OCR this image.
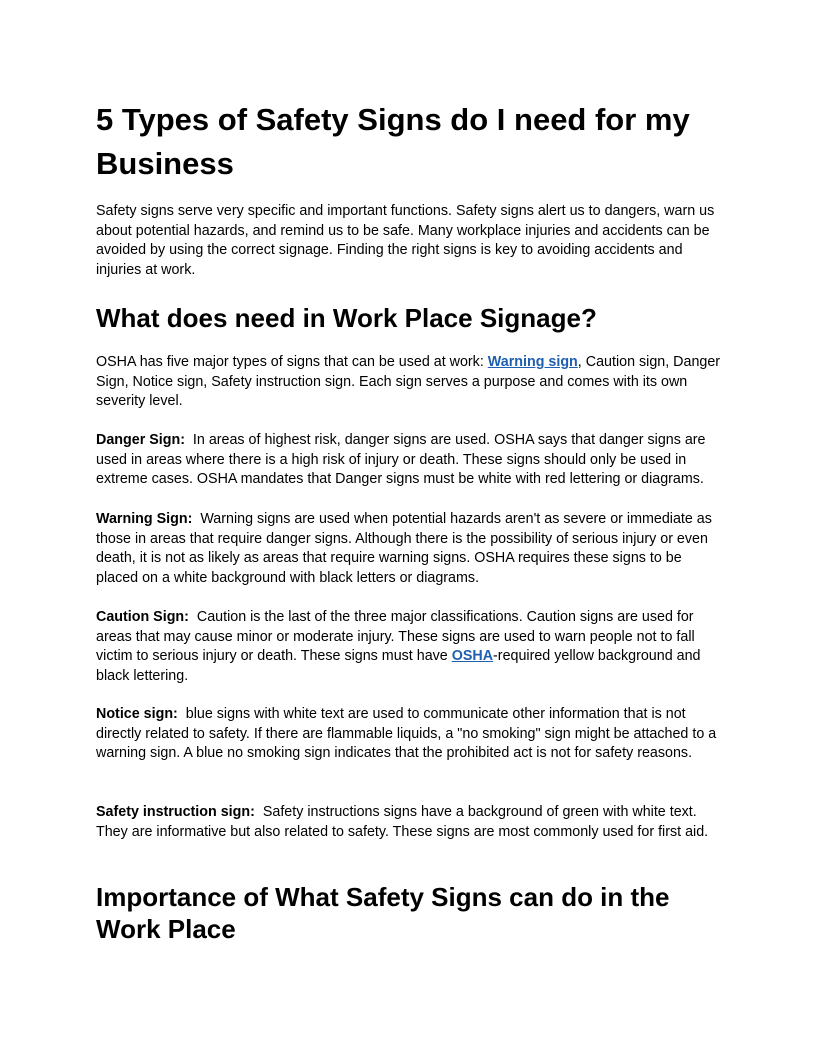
5 Types of Safety Signs do I need for my Business

Safety signs serve very specific and important functions. Safety signs alert us to dangers, warn us about potential hazards, and remind us to be safe. Many workplace injuries and accidents can be avoided by using the correct signage. Finding the right signs is key to avoiding accidents and injuries at work.

What does need in Work Place Signage?

OSHA has five major types of signs that can be used at work: Warning sign, Caution sign, Danger Sign, Notice sign, Safety instruction sign. Each sign serves a purpose and comes with its own severity level.

Danger Sign: In areas of highest risk, danger signs are used. OSHA says that danger signs are used in areas where there is a high risk of injury or death. These signs should only be used in extreme cases. OSHA mandates that Danger signs must be white with red lettering or diagrams.

Warning Sign: Warning signs are used when potential hazards aren't as severe or immediate as those in areas that require danger signs. Although there is the possibility of serious injury or even death, it is not as likely as areas that require warning signs. OSHA requires these signs to be placed on a white background with black letters or diagrams.

Caution Sign: Caution is the last of the three major classifications. Caution signs are used for areas that may cause minor or moderate injury. These signs are used to warn people not to fall victim to serious injury or death. These signs must have OSHA-required yellow background and black lettering.

Notice sign: blue signs with white text are used to communicate other information that is not directly related to safety. If there are flammable liquids, a "no smoking" sign might be attached to a warning sign. A blue no smoking sign indicates that the prohibited act is not for safety reasons.

Safety instruction sign: Safety instructions signs have a background of green with white text. They are informative but also related to safety. These signs are most commonly used for first aid.

Importance of What Safety Signs can do in the Work Place
